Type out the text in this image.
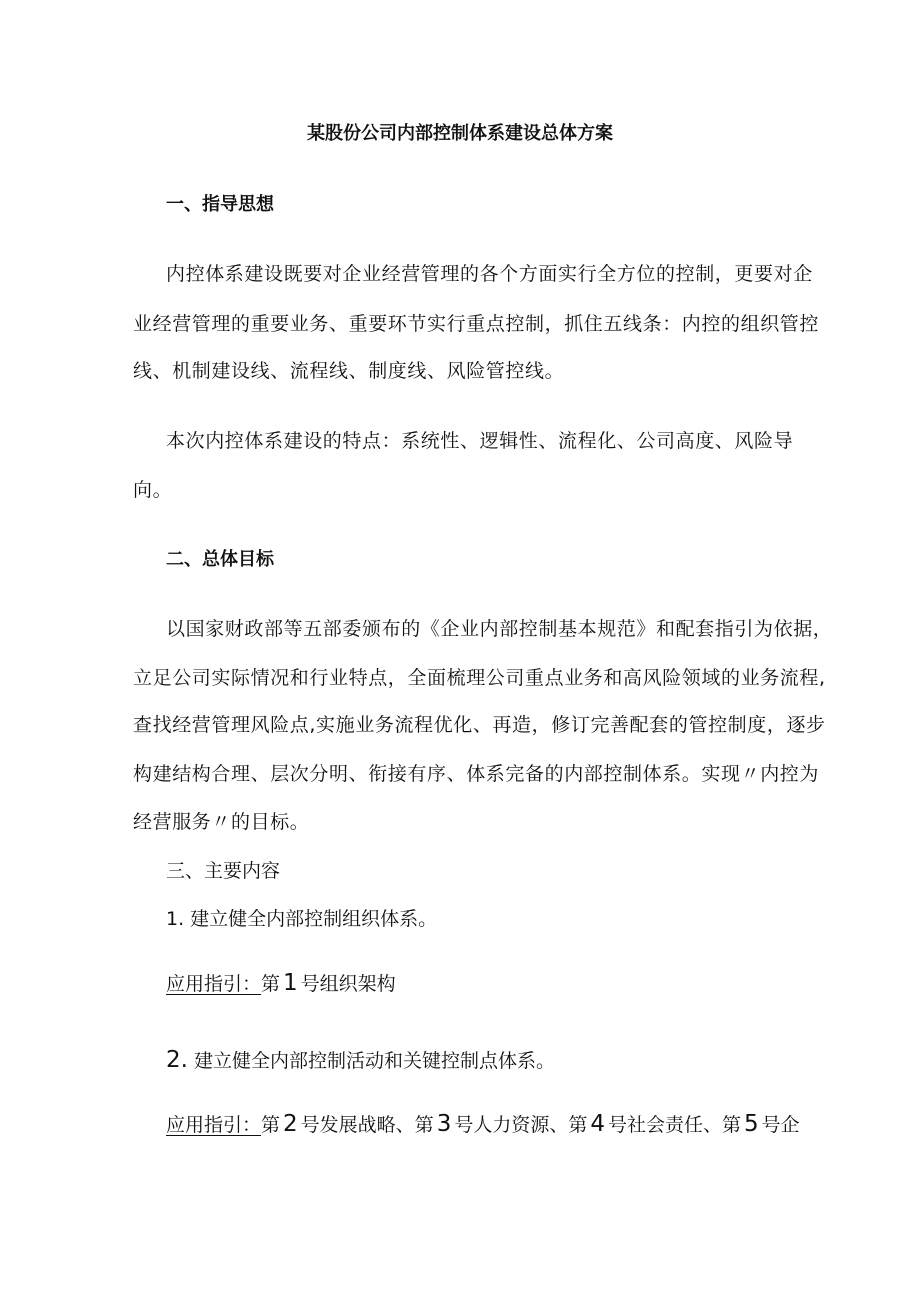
某股份公司内部控制体系建设总体方案
一、指导思想
内控体系建设既要对企业经营管理的各个方面实行全方位的控制，更要对企
业经营管理的重要业务、重要环节实行重点控制，抓住五线条：内控的组织管控
线、机制建设线、流程线、制度线、风险管控线。
本次内控体系建设的特点：系统性、逻辑性、流程化、公司高度、风险导
向。
二、总体目标
以国家财政部等五部委颁布的《企业内部控制基本规范》和配套指引为依据，
立足公司实际情况和行业特点，全面梳理公司重点业务和高风险领域的业务流程,
查找经营管理风险点,实施业务流程优化、再造，修订完善配套的管控制度，逐步
构建结构合理、层次分明、衔接有序、体系完备的内部控制体系。实现〃内控为
经营服务〃的目标。
三、主要内容
1. 建立健全内部控制组织体系。
应用指引：第 1 号组织架构
2. 建立健全内部控制活动和关键控制点体系。
应用指引：第 2 号发展战略、第 3 号人力资源、第 4 号社会责任、第 5 号企
